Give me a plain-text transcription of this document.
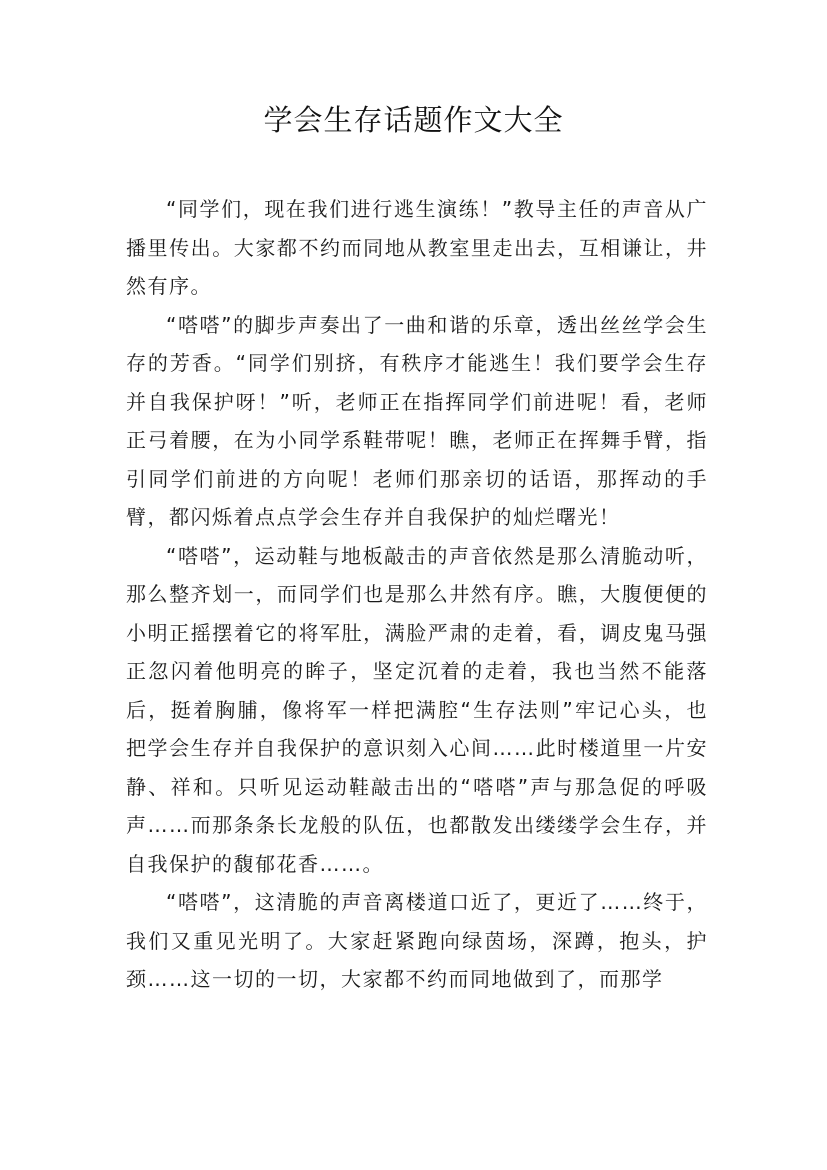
学会生存话题作文大全

“同学们，现在我们进行逃生演练！”教导主任的声音从广播里传出。大家都不约而同地从教室里走出去，互相谦让，井然有序。

“嗒嗒”的脚步声奏出了一曲和谐的乐章，透出丝丝学会生存的芳香。“同学们别挤，有秩序才能逃生！我们要学会生存并自我保护呀！”听，老师正在指挥同学们前进呢！看，老师正弓着腰，在为小同学系鞋带呢！瞧，老师正在挥舞手臂，指引同学们前进的方向呢！老师们那亲切的话语，那挥动的手臂，都闪烁着点点学会生存并自我保护的灿烂曙光！

“嗒嗒”，运动鞋与地板敲击的声音依然是那么清脆动听，那么整齐划一，而同学们也是那么井然有序。瞧，大腹便便的小明正摇摆着它的将军肚，满脸严肃的走着，看，调皮鬼马强正忽闪着他明亮的眸子，坚定沉着的走着，我也当然不能落后，挺着胸脯，像将军一样把满腔“生存法则”牢记心头，也把学会生存并自我保护的意识刻入心间……此时楼道里一片安静、祥和。只听见运动鞋敲击出的“嗒嗒”声与那急促的呼吸声……而那条条长龙般的队伍，也都散发出缕缕学会生存，并自我保护的馥郁花香……。

“嗒嗒”，这清脆的声音离楼道口近了，更近了……终于，我们又重见光明了。大家赶紧跑向绿茵场，深蹲，抱头，护颈……这一切的一切，大家都不约而同地做到了，而那学
